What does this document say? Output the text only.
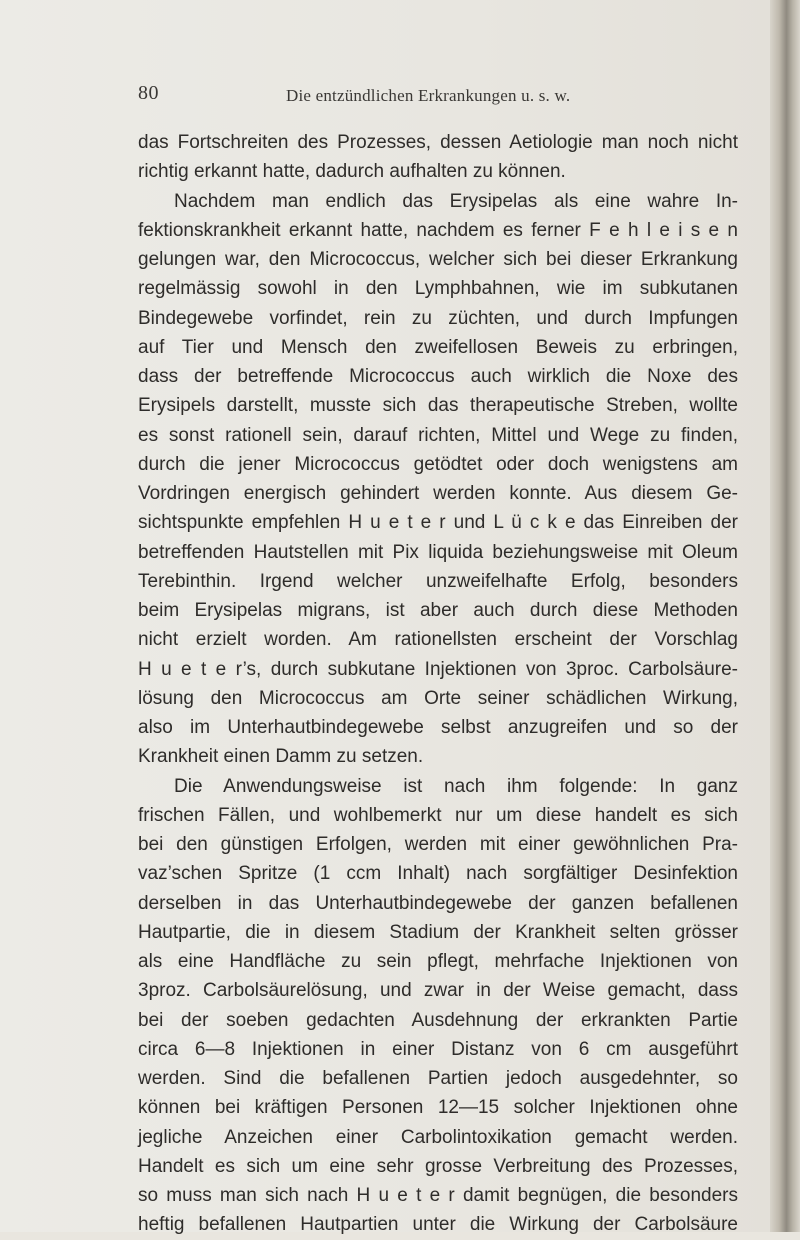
80	Die entzündlichen Erkrankungen u. s. w.
das Fortschreiten des Prozesses, dessen Aetiologie man noch nicht
richtig erkannt hatte, dadurch aufhalten zu können.
Nachdem man endlich das Erysipelas als eine wahre In-
fektionskrankheit erkannt hatte, nachdem es ferner F e h l e i s e n
gelungen war, den Micrococcus, welcher sich bei dieser Erkrankung
regelmässig sowohl in den Lymphbahnen, wie im subkutanen
Bindegewebe vorfindet, rein zu züchten, und durch Impfungen
auf Tier und Mensch den zweifellosen Beweis zu erbringen,
dass der betreffende Micrococcus auch wirklich die Noxe des
Erysipels darstellt, musste sich das therapeutische Streben, wollte
es sonst rationell sein, darauf richten, Mittel und Wege zu finden,
durch die jener Micrococcus getödtet oder doch wenigstens am
Vordringen energisch gehindert werden konnte. Aus diesem Ge-
sichtspunkte empfehlen H u e t e r und L ü c k e das Einreiben der
betreffenden Hautstellen mit Pix liquida beziehungsweise mit Oleum
Terebinthin. Irgend welcher unzweifelhafte Erfolg, besonders
beim Erysipelas migrans, ist aber auch durch diese Methoden
nicht erzielt worden. Am rationellsten erscheint der Vorschlag
H u e t e r’s, durch subkutane Injektionen von 3proc. Carbolsäure-
lösung den Micrococcus am Orte seiner schädlichen Wirkung,
also im Unterhautbindegewebe selbst anzugreifen und so der
Krankheit einen Damm zu setzen.
Die Anwendungsweise ist nach ihm folgende: In ganz
frischen Fällen, und wohlbemerkt nur um diese handelt es sich
bei den günstigen Erfolgen, werden mit einer gewöhnlichen Pra-
vaz’schen Spritze (1 ccm Inhalt) nach sorgfältiger Desinfektion
derselben in das Unterhautbindegewebe der ganzen befallenen
Hautpartie, die in diesem Stadium der Krankheit selten grösser
als eine Handfläche zu sein pflegt, mehrfache Injektionen von
3proz. Carbolsäurelösung, und zwar in der Weise gemacht, dass
bei der soeben gedachten Ausdehnung der erkrankten Partie
circa 6—8 Injektionen in einer Distanz von 6 cm ausgeführt
werden. Sind die befallenen Partien jedoch ausgedehnter, so
können bei kräftigen Personen 12—15 solcher Injektionen ohne
jegliche Anzeichen einer Carbolintoxikation gemacht werden.
Handelt es sich um eine sehr grosse Verbreitung des Prozesses,
so muss man sich nach H u e t e r damit begnügen, die besonders
heftig befallenen Hautpartien unter die Wirkung der Carbolsäure
